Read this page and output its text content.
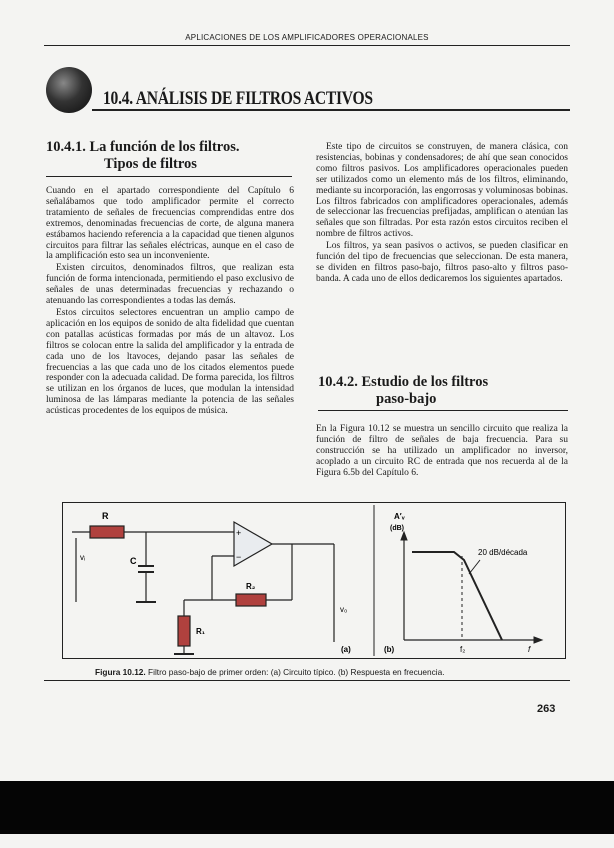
APLICACIONES DE LOS AMPLIFICADORES OPERACIONALES
10.4. ANÁLISIS DE FILTROS ACTIVOS
10.4.1. La función de los filtros.
Tipos de filtros

Cuando en el apartado correspondiente del Capítulo 6 señalábamos que todo amplificador permite el correcto tratamiento de señales de frecuencias comprendidas entre dos extremos, denominadas frecuencias de corte, de alguna manera estábamos haciendo referencia a la capacidad que tienen algunos circuitos para filtrar las señales eléctricas, aunque en el caso de la amplificación esto sea un inconveniente.

Existen circuitos, denominados filtros, que realizan esta función de forma intencionada, permitiendo el paso exclusivo de señales de unas determinadas frecuencias y rechazando o atenuando las correspondientes a todas las demás.

Estos circuitos selectores encuentran un amplio campo de aplicación en los equipos de sonido de alta fidelidad que cuentan con patallas acústicas formadas por más de un altavoz. Los filtros se colocan entre la salida del amplificador y la entrada de cada uno de los ltavoces, dejando pasar las señales de frecuencias a las que cada uno de los citados elementos puede responder con la adecuada calidad. De forma parecida, los filtros se utilizan en los órganos de luces, que modulan la intensidad luminosa de las lámparas mediante la potencia de las señales acústicas procedentes de los equipos de música.

Este tipo de circuitos se construyen, de manera clásica, con resistencias, bobinas y condensadores; de ahí que sean conocidos como filtros pasivos. Los amplificadores operacionales pueden ser utilizados como un elemento más de los filtros, eliminando, mediante su incorporación, las engorrosas y voluminosas bobinas. Los filtros fabricados con amplificadores operacionales, además de seleccionar las frecuencias prefijadas, amplifican o atenúan las señales que son filtradas. Por esta razón estos circuitos reciben el nombre de filtros activos.

Los filtros, ya sean pasivos o activos, se pueden clasificar en función del tipo de frecuencias que seleccionan. De esta manera, se dividen en filtros paso-bajo, filtros paso-alto y filtros paso-banda. A cada uno de ellos dedicaremos los siguientes apartados.

10.4.2. Estudio de los filtros
paso-bajo

En la Figura 10.12 se muestra un sencillo circuito que realiza la función de filtro de señales de baja frecuencia. Para su construcción se ha utilizado un amplificador no inversor, acoplado a un circuito RC de entrada que nos recuerda al de la Figura 6.5b del Capítulo 6.

R
C
vᵢ
v₀
R₂
R₁
+
−
(a)
A′ᵥ
(dB)
20 dB/década
f₂	f
(b)
Figura 10.12. Filtro paso-bajo de primer orden: (a) Circuito típico. (b) Respuesta en frecuencia.
263
